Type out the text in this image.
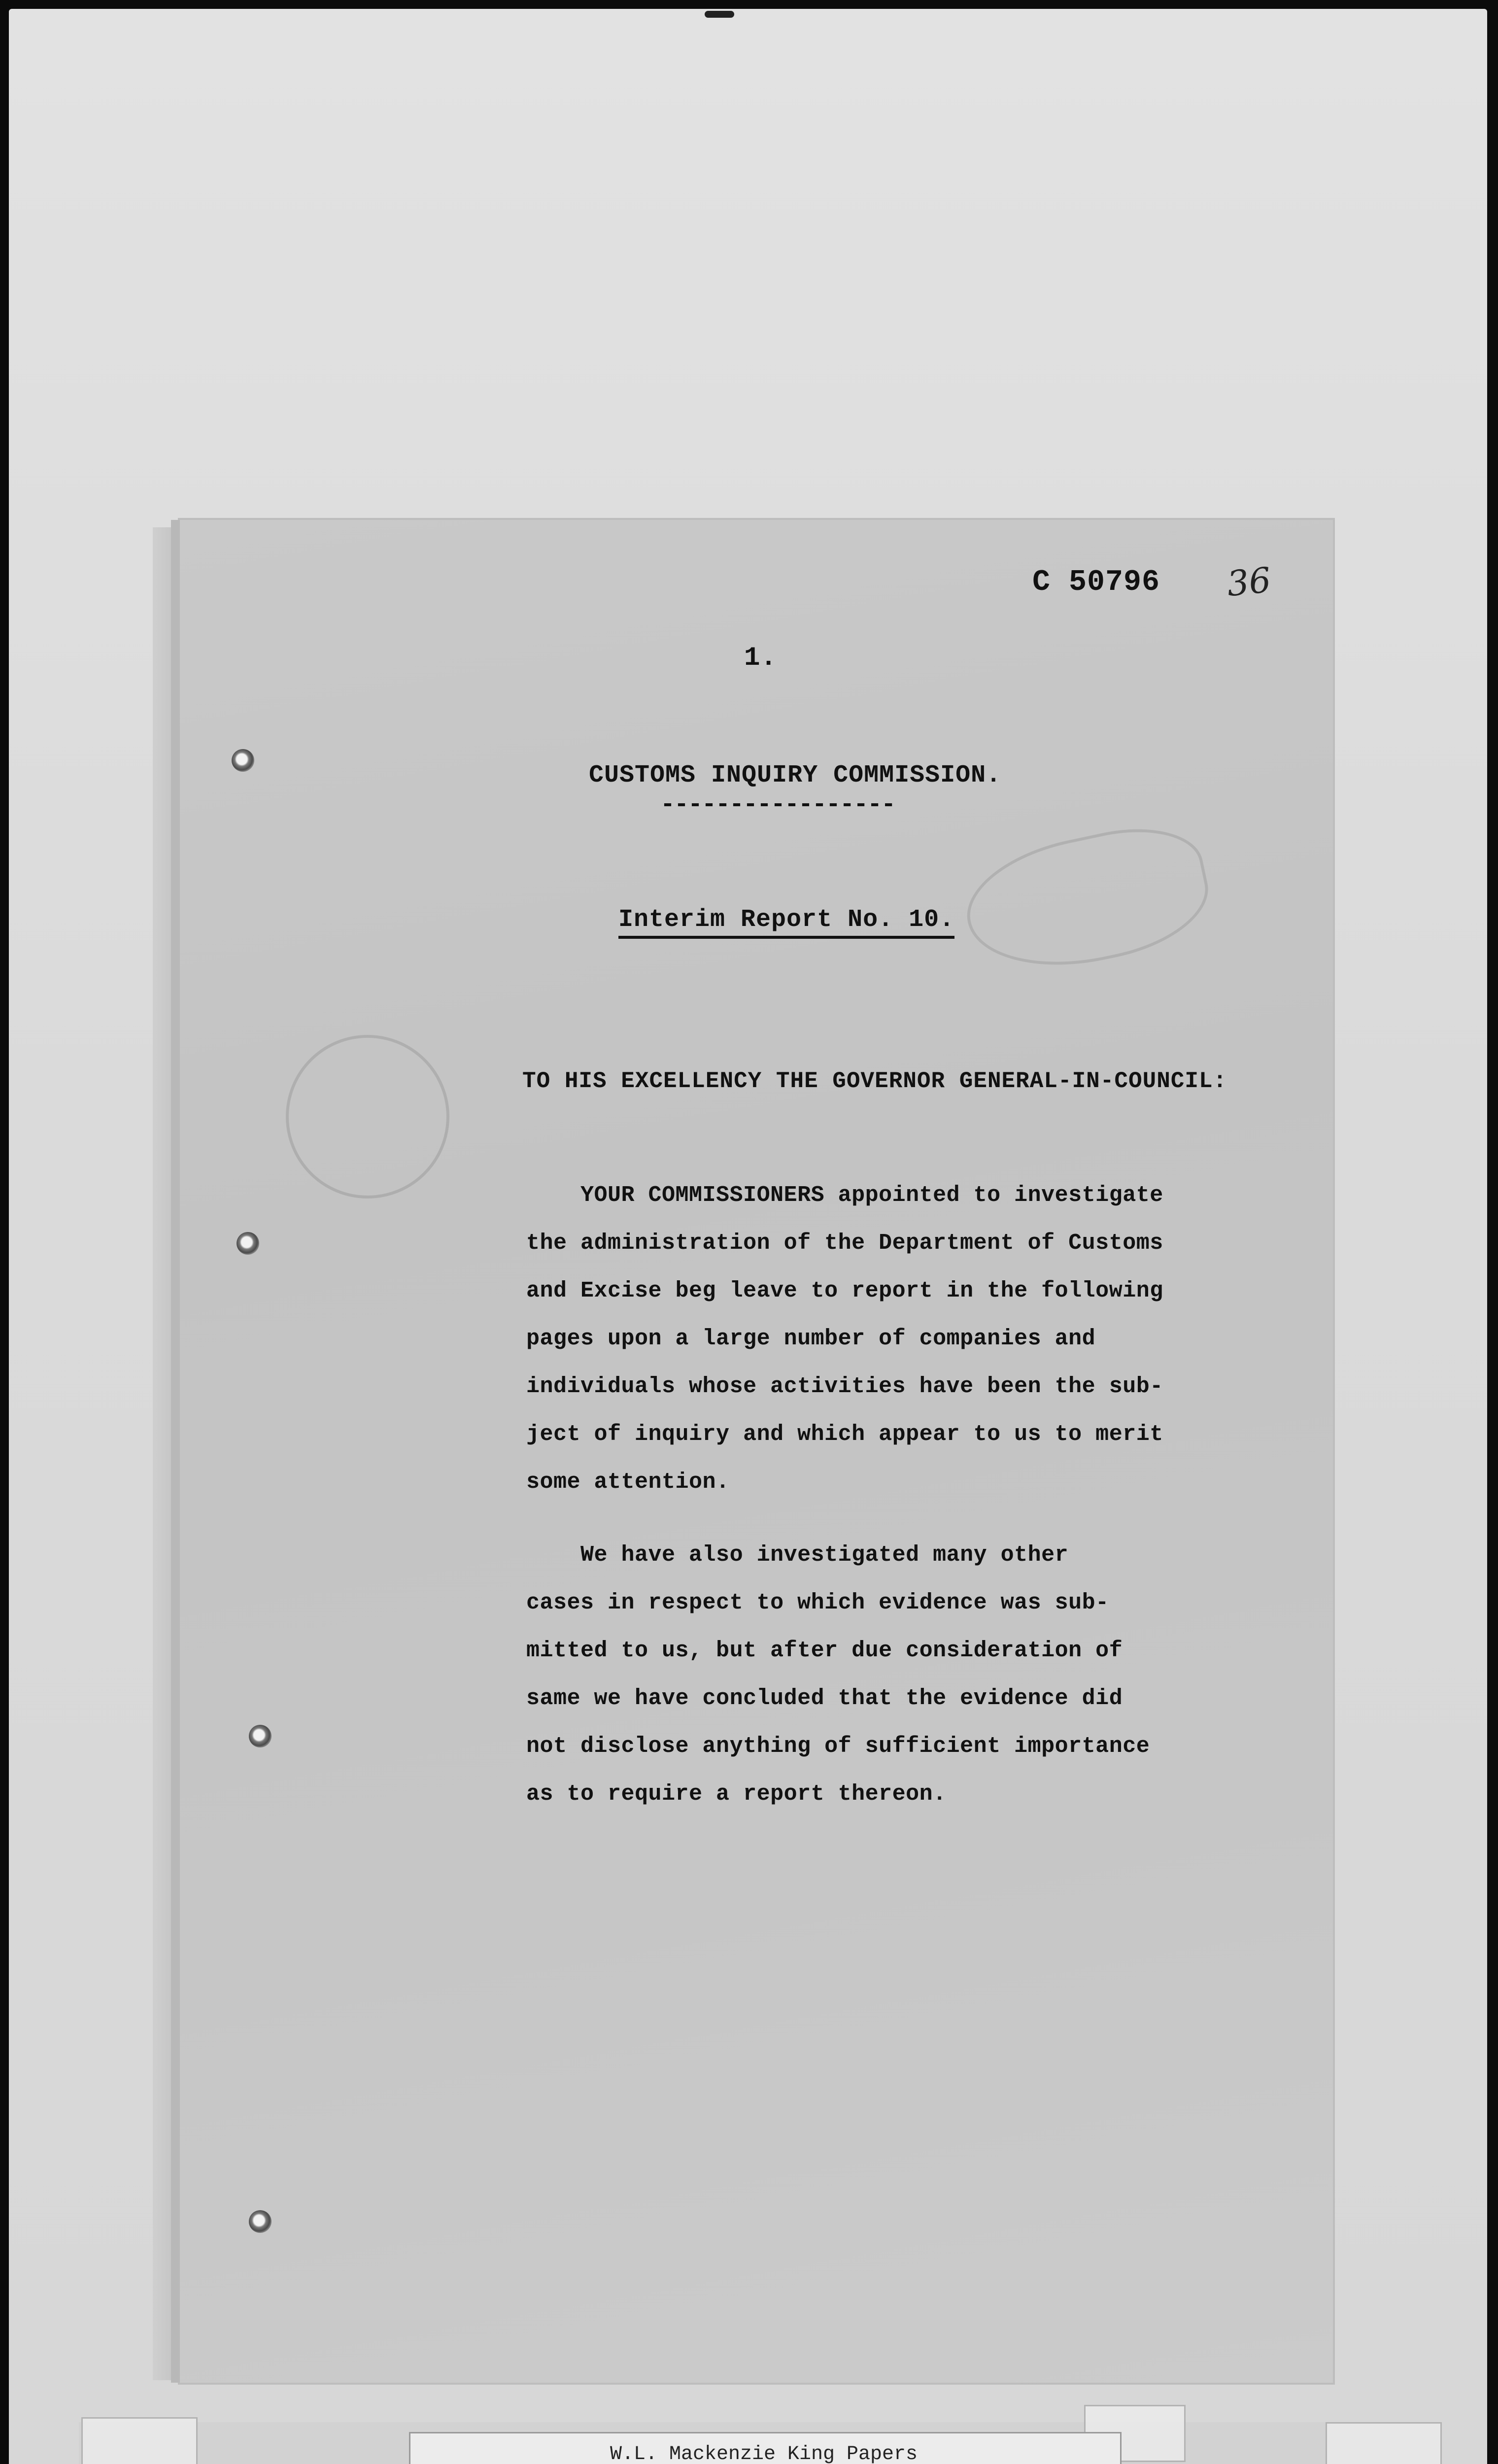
C 50796 36
1.
CUSTOMS INQUIRY COMMISSION.
-----------------
Interim Report No. 10.
TO HIS EXCELLENCY THE GOVERNOR GENERAL-IN-COUNCIL:
YOUR COMMISSIONERS appointed to investigate
the administration of the Department of Customs
and Excise beg leave to report in the following
pages upon a large number of companies and
individuals whose activities have been the sub-
ject of inquiry and which appear to us to merit
some attention.
We have also investigated many other
cases in respect to which evidence was sub-
mitted to us, but after due consideration of
same we have concluded that the evidence did
not disclose anything of sufficient importance
as to require a report thereon.
W.L. Mackenzie King Papers
